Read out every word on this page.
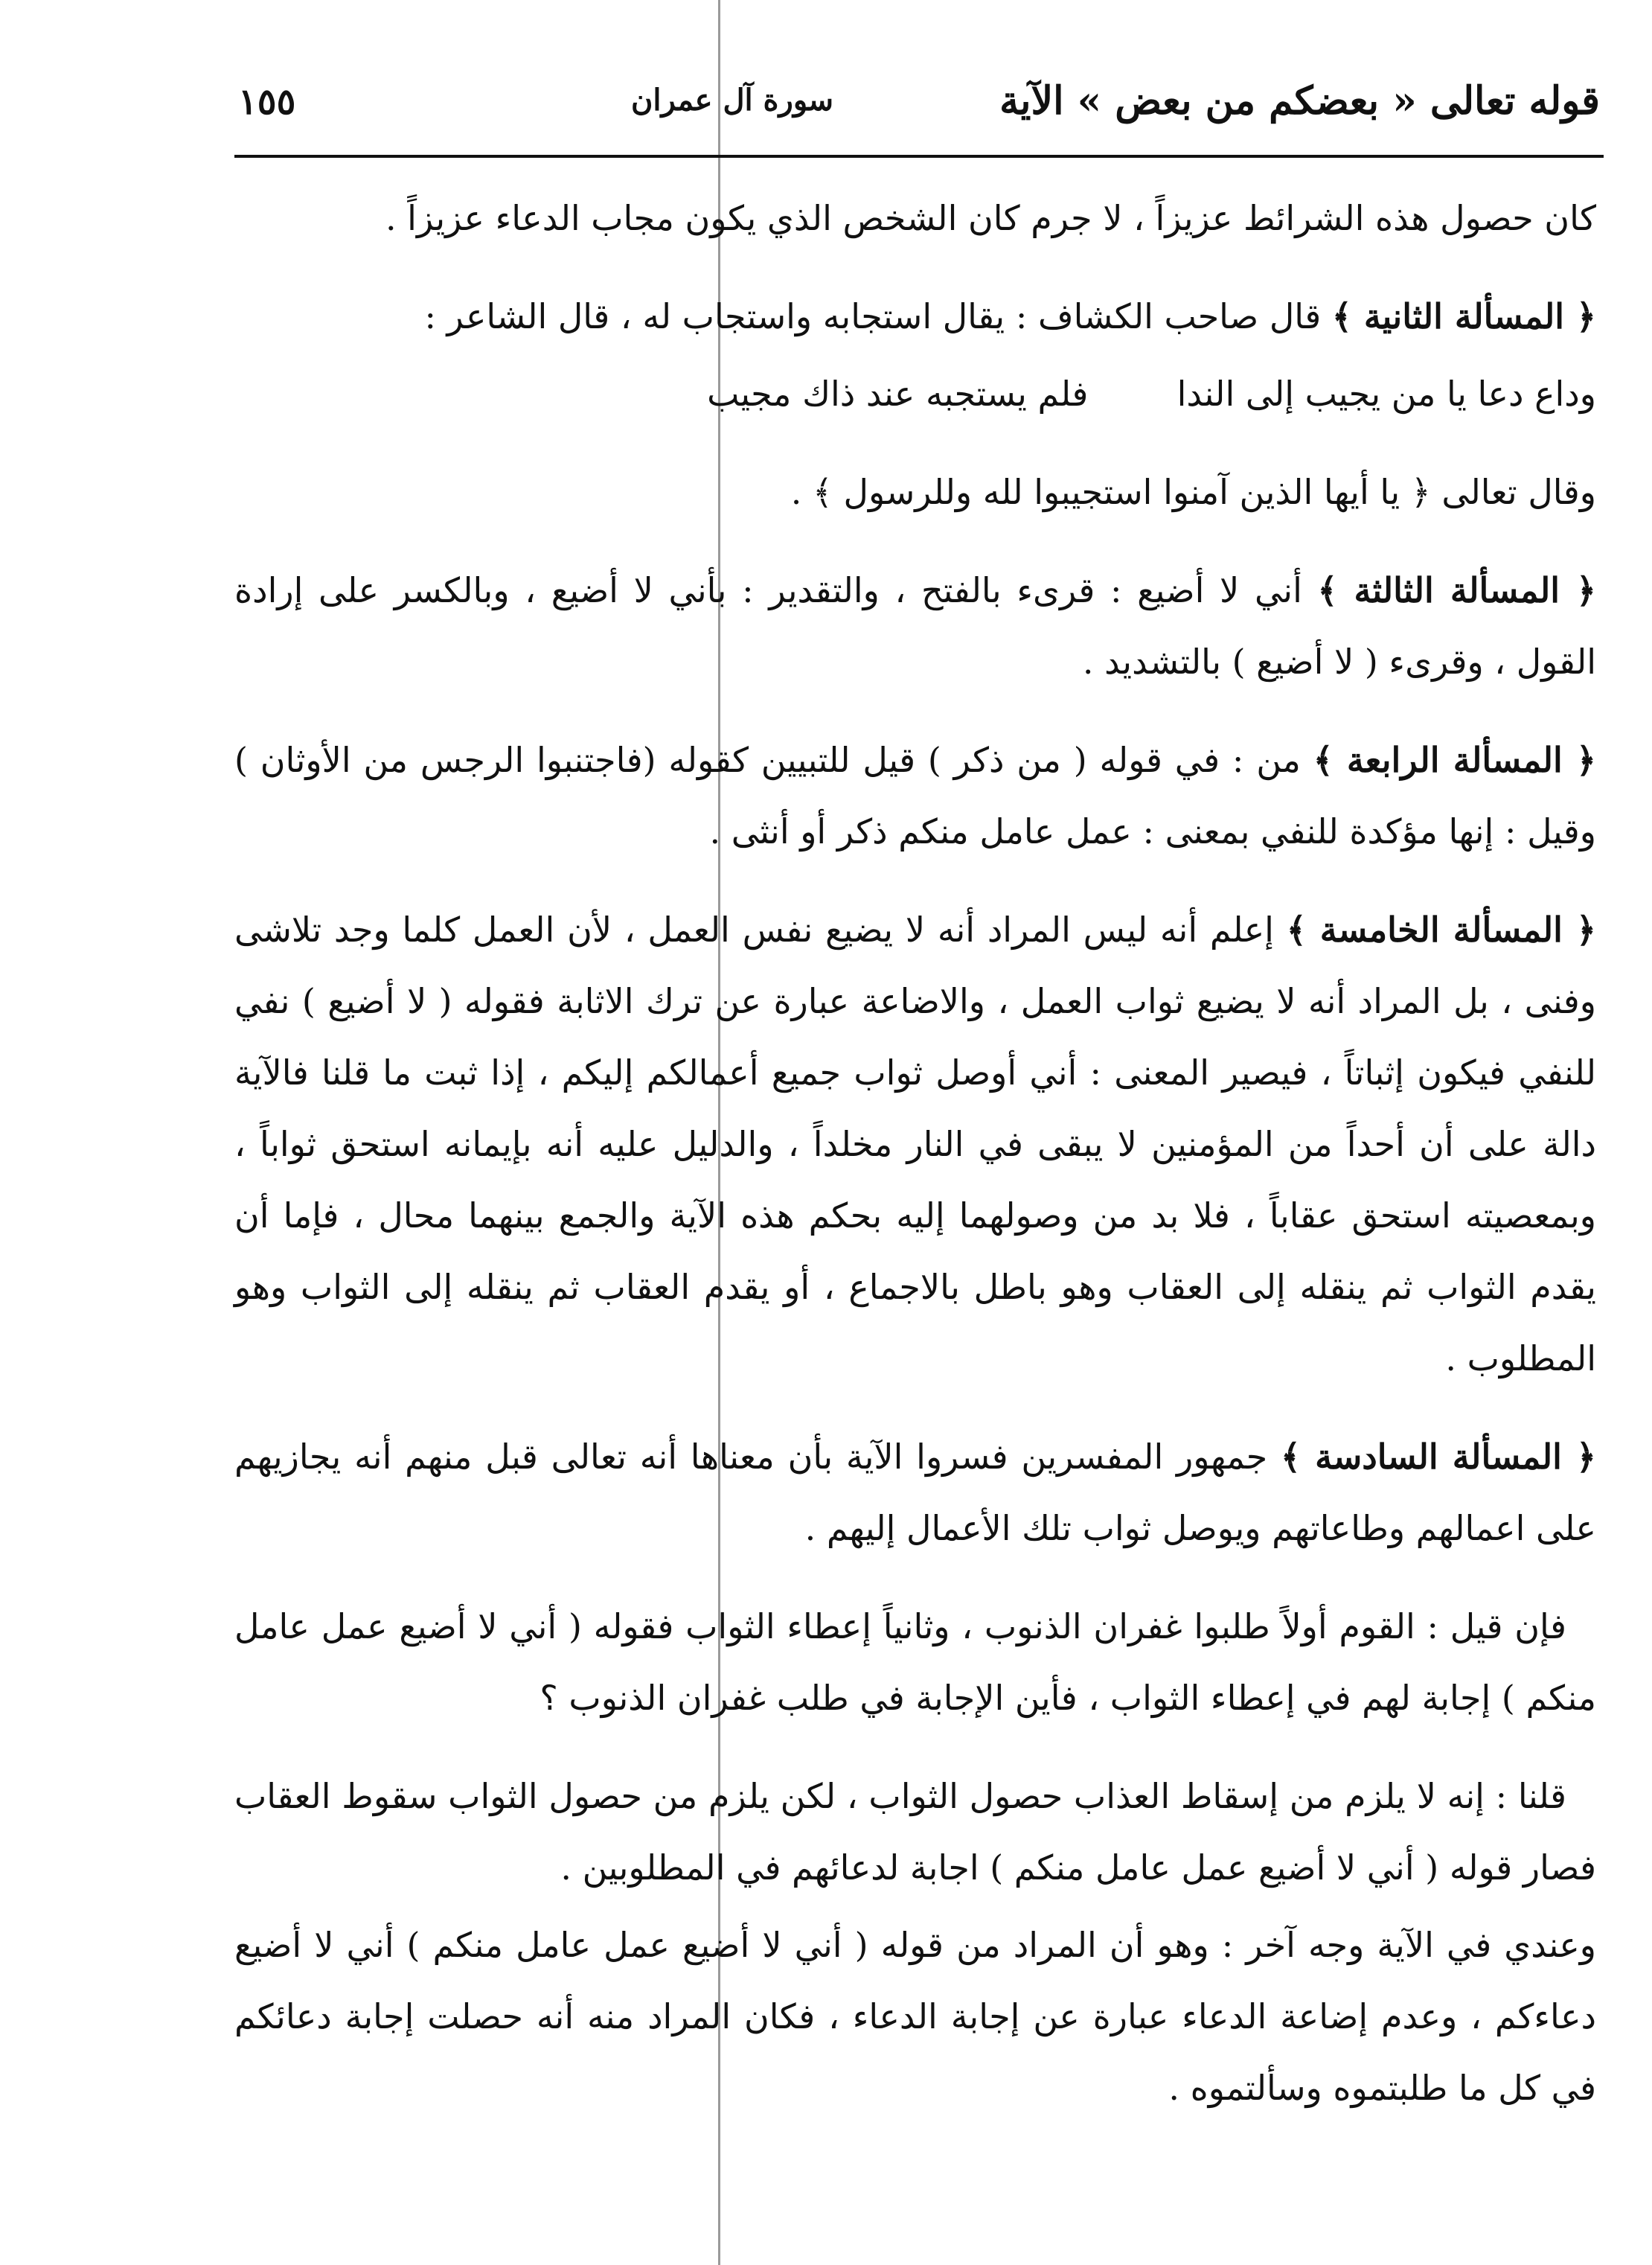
قوله تعالى « بعضكم من بعض » الآية
سورة آل عمران
١٥٥

كان حصول هذه الشرائط عزيزاً ، لا جرم كان الشخص الذي يكون مجاب الدعاء عزيزاً .

﴿ المسألة الثانية ﴾ قال صاحب الكشاف : يقال استجابه واستجاب له ، قال الشاعر :

وداع دعا يا من يجيب إلى الندا  فلم يستجبه عند ذاك مجيب

وقال تعالى ﴿ يا أيها الذين آمنوا استجيبوا لله وللرسول ﴾ .

﴿ المسألة الثالثة ﴾ أني لا أضيع : قرىء بالفتح ، والتقدير : بأني لا أضيع ، وبالكسر على إرادة القول ، وقرىء ( لا أضيع ) بالتشديد .

﴿ المسألة الرابعة ﴾ من : في قوله ( من ذكر ) قيل للتبيين كقوله (فاجتنبوا الرجس من الأوثان ) وقيل : إنها مؤكدة للنفي بمعنى : عمل عامل منكم ذكر أو أنثى .

﴿ المسألة الخامسة ﴾ إعلم أنه ليس المراد أنه لا يضيع نفس العمل ، لأن العمل كلما وجد تلاشى وفنى ، بل المراد أنه لا يضيع ثواب العمل ، والاضاعة عبارة عن ترك الاثابة فقوله ( لا أضيع ) نفي للنفي فيكون إثباتاً ، فيصير المعنى : أني أوصل ثواب جميع أعمالكم إليكم ، إذا ثبت ما قلنا فالآية دالة على أن أحداً من المؤمنين لا يبقى في النار مخلداً ، والدليل عليه أنه بإيمانه استحق ثواباً ، وبمعصيته استحق عقاباً ، فلا بد من وصولهما إليه بحكم هذه الآية والجمع بينهما محال ، فإما أن يقدم الثواب ثم ينقله إلى العقاب وهو باطل بالاجماع ، أو يقدم العقاب ثم ينقله إلى الثواب وهو المطلوب .

﴿ المسألة السادسة ﴾ جمهور المفسرين فسروا الآية بأن معناها أنه تعالى قبل منهم أنه يجازيهم على اعمالهم وطاعاتهم ويوصل ثواب تلك الأعمال إليهم .

فإن قيل : القوم أولاً طلبوا غفران الذنوب ، وثانياً إعطاء الثواب فقوله ( أني لا أضيع عمل عامل منكم ) إجابة لهم في إعطاء الثواب ، فأين الإجابة في طلب غفران الذنوب ؟

قلنا : إنه لا يلزم من إسقاط العذاب حصول الثواب ، لكن يلزم من حصول الثواب سقوط العقاب فصار قوله ( أني لا أضيع عمل عامل منكم ) اجابة لدعائهم في المطلوبين .

وعندي في الآية وجه آخر : وهو أن المراد من قوله ( أني لا أضيع عمل عامل منكم ) أني لا أضيع دعاءكم ، وعدم إضاعة الدعاء عبارة عن إجابة الدعاء ، فكان المراد منه أنه حصلت إجابة دعائكم في كل ما طلبتموه وسألتموه .
